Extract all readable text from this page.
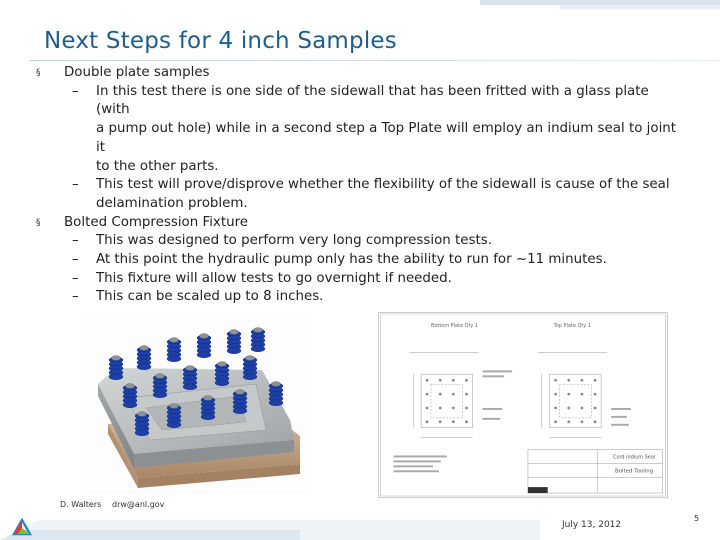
Next Steps for 4 inch Samples
§ Double plate samples
– In this test there is one side of the sidewall that has been fritted with a glass plate (with
a pump out hole) while in a second step a Top Plate will employ an indium seal to joint it
to the other parts.
– This test will prove/disprove whether the flexibility of the sidewall is cause of the seal
delamination problem.
§ Bolted Compression Fixture
– This was designed to perform very long compression tests.
– At this point the hydraulic pump only has the ability to run for ~11 minutes.
– This fixture will allow tests to go overnight if needed.
– This can be scaled up to 8 inches.
Bottom Plate Qty 1	Top Plate Qty 1
Cord indium Seal
Bolted Tooling
D. Walters drw@anl.gov
July 13, 2012
5
